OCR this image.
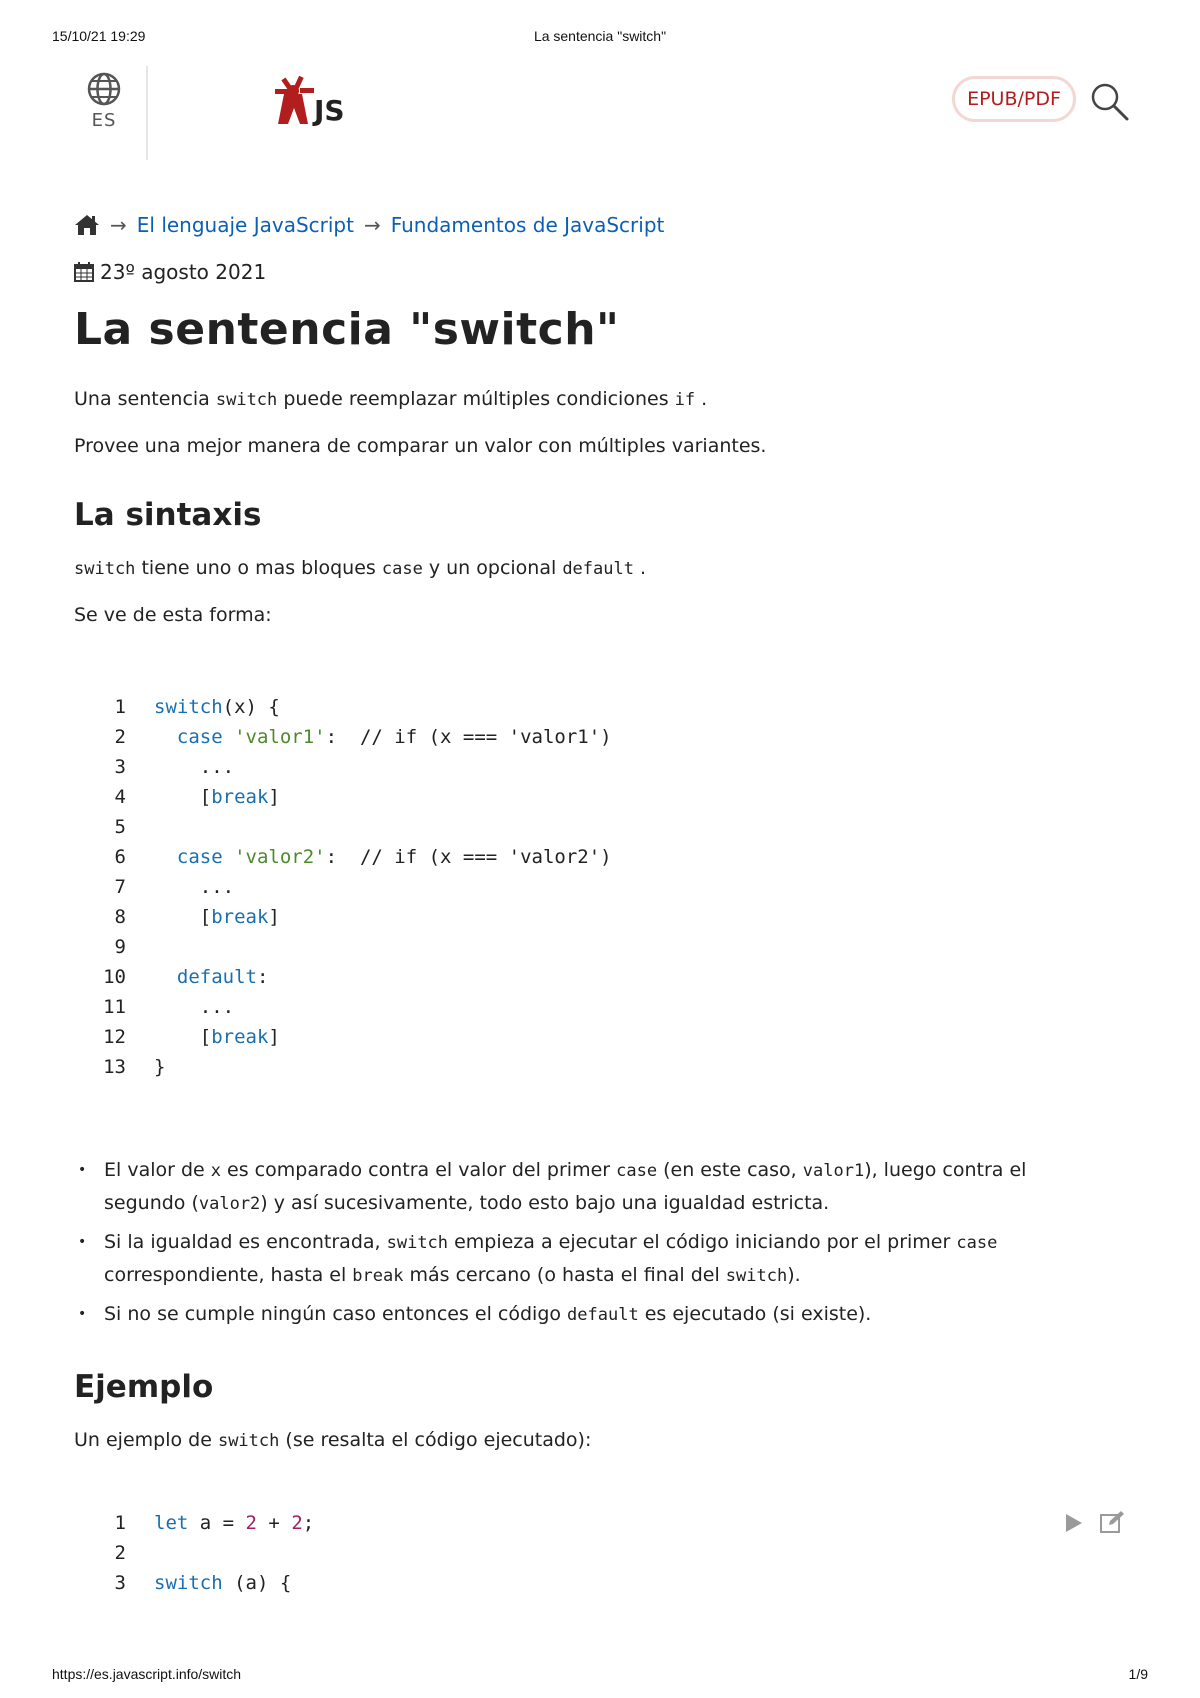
15/10/21 19:29	La sentencia "switch"
ES	JS	EPUB/PDF
→ El lenguaje JavaScript → Fundamentos de JavaScript
23º agosto 2021
La sentencia "switch"

Una sentencia switch puede reemplazar múltiples condiciones if .

Provee una mejor manera de comparar un valor con múltiples variantes.

La sintaxis

switch tiene uno o mas bloques case y un opcional default .

Se ve de esta forma:

1 switch(x) {
2	case 'valor1':  // if (x === 'valor1')
3 ...
4 [break]
5
6	case 'valor2':  // if (x === 'valor2')
7 ...
8 [break]
9
10	default:
11 ...
12 [break]
13 }
• El valor de x es comparado contra el valor del primer case (en este caso, valor1), luego contra el segundo (valor2) y así sucesivamente, todo esto bajo una igualdad estricta.
• Si la igualdad es encontrada, switch empieza a ejecutar el código iniciando por el primer case correspondiente, hasta el break más cercano (o hasta el final del switch).
• Si no se cumple ningún caso entonces el código default es ejecutado (si existe).
Ejemplo

Un ejemplo de switch (se resalta el código ejecutado):

1 let a = 2 + 2;
2
3 switch (a) {
https://es.javascript.info/switch	1/9
